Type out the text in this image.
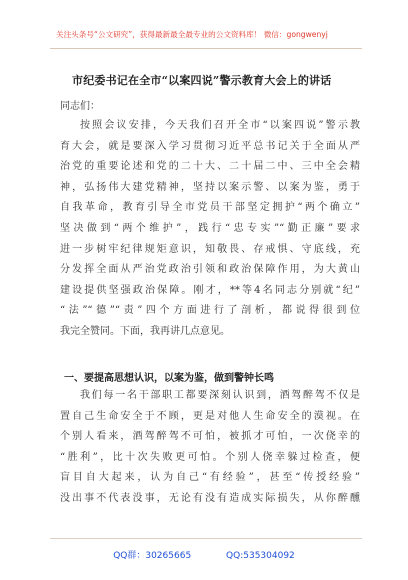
关注头条号“公文研究”，获得最新最全最专业的公文资料库！ 微信：gongwenyj
市纪委书记在全市“以案四说”警示教育大会上的讲话
同志们：
按照会议安排，今天我们召开全市“以案四说”警示教
育大会，就是要深入学习贯彻习近平总书记关于全面从严
治党的重要论述和党的二十大、二十届二中、三中全会精
神，弘扬伟大建党精神，坚持以案示警、以案为鉴，勇于
自我革命，教育引导全市党员干部坚定拥护“两个确立”
坚决做到“两个维护”，践行“忠专实”“勤正廉”要求
进一步树牢纪律规矩意识，知敬畏、存戒惧、守底线，充
分发挥全面从严治党政治引领和政治保障作用，为大黄山
建设提供坚强政治保障。刚才，**等4名同志分别就“纪”
“法”“德”“责”四个方面进行了剖析，都说得很到位
我完全赞同。下面，我再讲几点意见。
一、要提高思想认识，以案为鉴，做到警钟长鸣
我们每一名干部职工都要深刻认识到，酒驾醉驾不仅是
置自己生命安全于不顾，更是对他人生命安全的漠视。在
个别人看来，酒驾醉驾不可怕，被抓才可怕，一次侥幸的
“胜利”，比十次失败更可怕。个别人侥幸躲过检查，便
盲目自大起来，认为自己“有经验”，甚至“传授经验”
没出事不代表没事，无论有没有造成实际损失，从你醉醺
QQ群：30265665	QQ:535304092
